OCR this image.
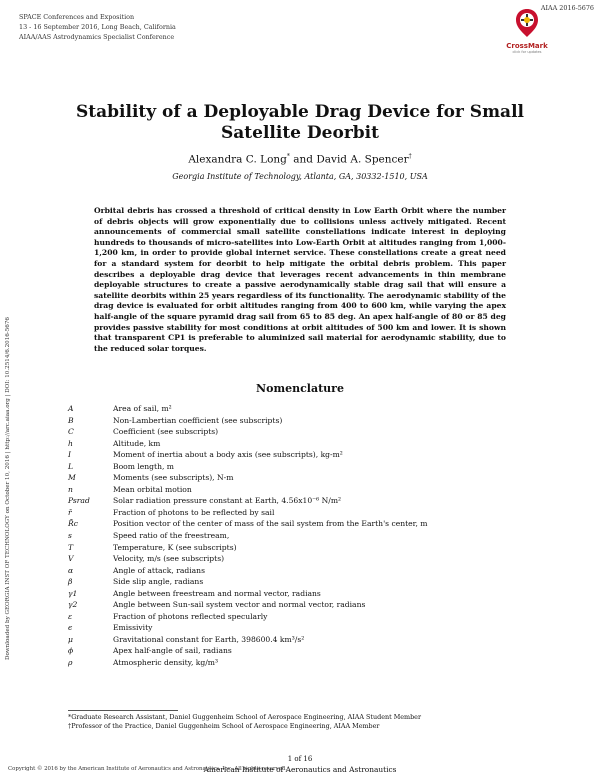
SPACE Conferences and Exposition
13 - 16 September 2016, Long Beach, California
AIAA/AAS Astrodynamics Specialist Conference
AIAA 2016-5676
CrossMark
click for updates
Downloaded by GEORGIA INST OF TECHNOLOGY on October 10, 2016 | http://arc.aiaa.org | DOI: 10.2514/6.2016-5676
Stability of a Deployable Drag Device for Small Satellite Deorbit
Alexandra C. Long* and David A. Spencer†
Georgia Institute of Technology, Atlanta, GA, 30332-1510, USA

Orbital debris has crossed a threshold of critical density in Low Earth Orbit where the number of debris objects will grow exponentially due to collisions unless actively mitigated. Recent announcements of commercial small satellite constellations indicate interest in deploying hundreds to thousands of micro-satellites into Low-Earth Orbit at altitudes ranging from 1,000-1,200 km, in order to provide global internet service. These constellations create a great need for a standard system for deorbit to help mitigate the orbital debris problem. This paper describes a deployable drag device that leverages recent advancements in thin membrane deployable structures to create a passive aerodynamically stable drag sail that will ensure a satellite deorbits within 25 years regardless of its functionality. The aerodynamic stability of the drag device is evaluated for orbit altitudes ranging from 400 to 600 km, while varying the apex half-angle of the square pyramid drag sail from 65 to 85 deg. An apex half-angle of 80 or 85 deg provides passive stability for most conditions at orbit altitudes of 500 km and lower. It is shown that transparent CP1 is preferable to aluminized sail material for aerodynamic stability, due to the reduced solar torques.

Nomenclature
A	Area of sail, m²
B	Non-Lambertian coefficient (see subscripts)
C	Coefficient (see subscripts)
h	Altitude, km
I	Moment of inertia about a body axis (see subscripts), kg-m²
L	Boom length, m
M	Moments (see subscripts), N-m
n	Mean orbital motion
Psrad	Solar radiation pressure constant at Earth, 4.56x10⁻⁶ N/m²
r̄	Fraction of photons to be reflected by sail
R̄c	Position vector of the center of mass of the sail system from the Earth's center, m
s	Speed ratio of the freestream,
T	Temperature, K (see subscripts)
V	Velocity, m/s (see subscripts)
α	Angle of attack, radians
β	Side slip angle, radians
γ1	Angle between freestream and normal vector, radians
γ2	Angle between Sun-sail system vector and normal vector, radians
ε	Fraction of photons reflected specularly
ϵ	Emissivity
μ	Gravitational constant for Earth, 398600.4 km³/s²
ϕ	Apex half-angle of sail, radians
ρ	Atmospheric density, kg/m³
*Graduate Research Assistant, Daniel Guggenheim School of Aerospace Engineering, AIAA Student Member
†Professor of the Practice, Daniel Guggenheim School of Aerospace Engineering, AIAA Member
1 of 16
American Institute of Aeronautics and Astronautics
Copyright © 2016 by the American Institute of Aeronautics and Astronautics, Inc. All rights reserved.
